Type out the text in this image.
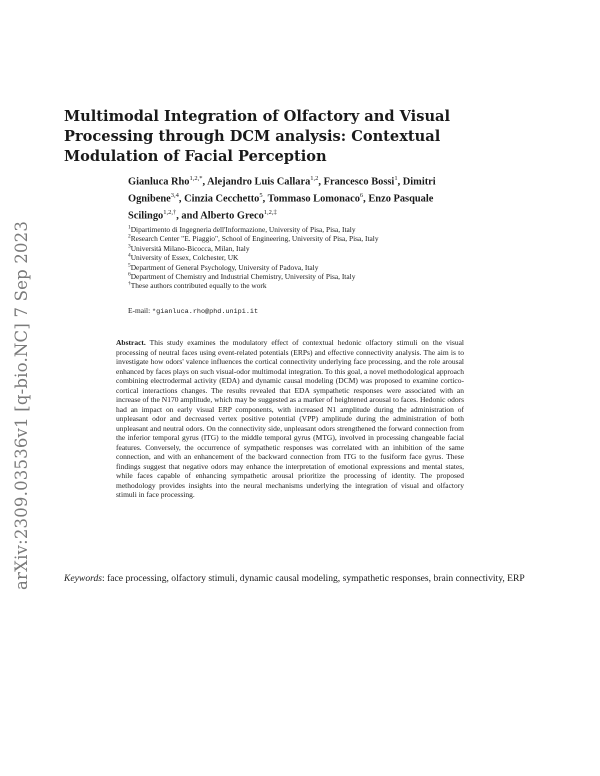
arXiv:2309.03536v1 [q-bio.NC] 7 Sep 2023
Multimodal Integration of Olfactory and Visual Processing through DCM analysis: Contextual Modulation of Facial Perception
Gianluca Rho$^{1,2,*}$, Alejandro Luis Callara$^{1,2}$, Francesco Bossi$^1$, Dimitri Ognibene$^{3,4}$, Cinzia Cecchetto$^5$, Tommaso Lomonaco$^6$, Enzo Pasquale Scilingo$^{1,2,\dagger}$, and Alberto Greco$^{1,2,\ddagger}$
$^1$Dipartimento di Ingegneria dell'Informazione, University of Pisa, Pisa, Italy
$^2$Research Center "E. Piaggio", School of Engineering, University of Pisa, Pisa, Italy
$^3$Università Milano-Bicocca, Milan, Italy
$^4$University of Essex, Colchester, UK
$^5$Department of General Psychology, University of Padova, Italy
$^6$Department of Chemistry and Industrial Chemistry, University of Pisa, Italy
†These authors contributed equally to the work
E-mail: *gianluca.rho@phd.unipi.it

Abstract. This study examines the modulatory effect of contextual hedonic olfactory stimuli on the visual processing of neutral faces using event-related potentials (ERPs) and effective connectivity analysis. The aim is to investigate how odors' valence influences the cortical connectivity underlying face processing, and the role arousal enhanced by faces plays on such visual-odor multimodal integration. To this goal, a novel methodological approach combining electrodermal activity (EDA) and dynamic causal modeling (DCM) was proposed to examine cortico-cortical interactions changes. The results revealed that EDA sympathetic responses were associated with an increase of the N170 amplitude, which may be suggested as a marker of heightened arousal to faces. Hedonic odors had an impact on early visual ERP components, with increased N1 amplitude during the administration of unpleasant odor and decreased vertex positive potential (VPP) amplitude during the administration of both unpleasant and neutral odors. On the connectivity side, unpleasant odors strengthened the forward connection from the inferior temporal gyrus (ITG) to the middle temporal gyrus (MTG), involved in processing changeable facial features. Conversely, the occurrence of sympathetic responses was correlated with an inhibition of the same connection, and with an enhancement of the backward connection from ITG to the fusiform face gyrus. These findings suggest that negative odors may enhance the interpretation of emotional expressions and mental states, while faces capable of enhancing sympathetic arousal prioritize the processing of identity. The proposed methodology provides insights into the neural mechanisms underlying the integration of visual and olfactory stimuli in face processing.

Keywords: face processing, olfactory stimuli, dynamic causal modeling, sympathetic responses, brain connectivity, ERP
